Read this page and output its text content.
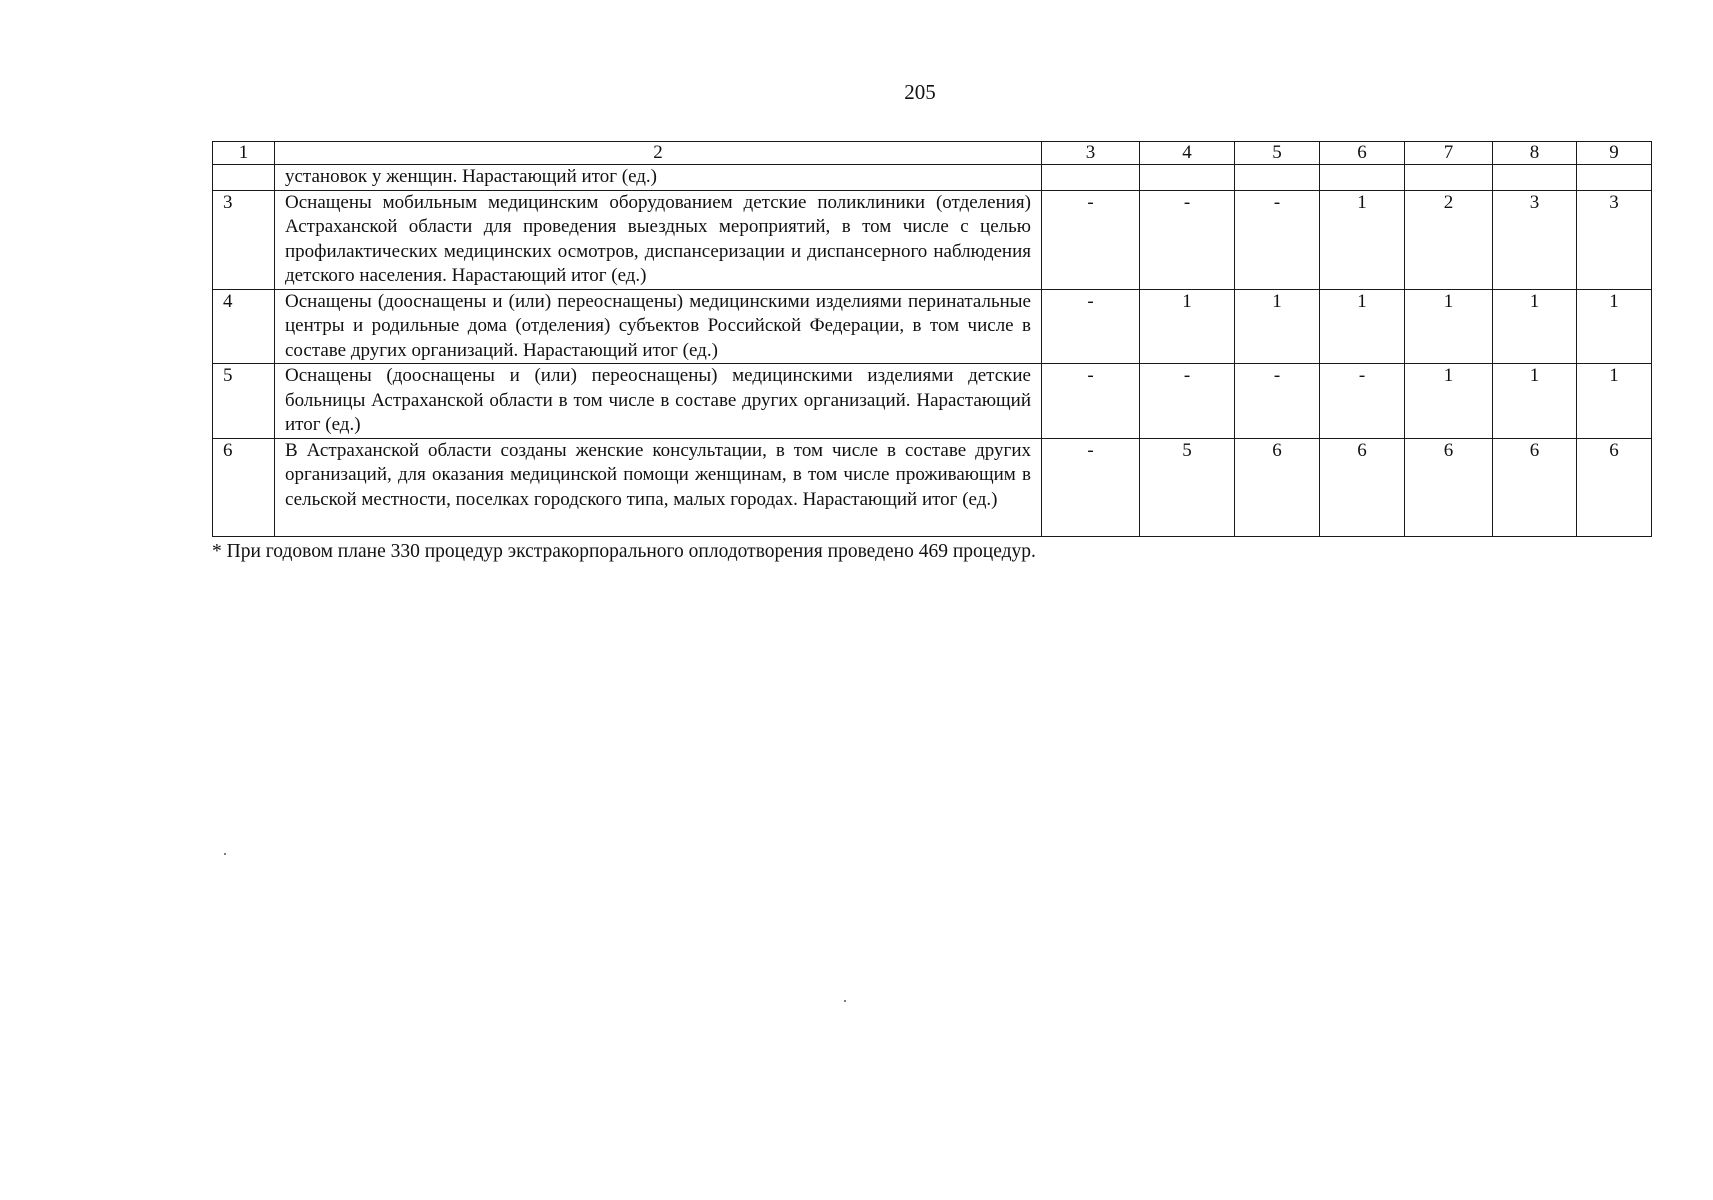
205
1	2	3	4	5	6	7	8	9
	установок у женщин. Нарастающий итог (ед.)							
3	Оснащены мобильным медицинским оборудованием детские поликлиники (отделения) Астраханской области для проведения выездных мероприятий, в том числе с целью профилактических медицинских осмотров, диспансеризации и диспансерного наблюдения детского населения. Нарастающий итог (ед.)	-	-	-	1	2	3	3
4	Оснащены (дооснащены и (или) переоснащены) медицинскими изделиями перинатальные центры и родильные дома (отделения) субъектов Российской Федерации, в том числе в составе других организаций. Нарастающий итог (ед.)	-	1	1	1	1	1	1
5	Оснащены (дооснащены и (или) переоснащены) медицинскими изделиями детские больницы Астраханской области в том числе в составе других организаций. Нарастающий итог (ед.)	-	-	-	-	1	1	1
6	В Астраханской области созданы женские консультации, в том числе в составе других организаций, для оказания медицинской помощи женщинам, в том числе проживающим в сельской местности, поселках городского типа, малых городах. Нарастающий итог (ед.)	-	5	6	6	6	6	6
* При годовом плане 330 процедур экстракорпорального оплодотворения проведено 469 процедур.
